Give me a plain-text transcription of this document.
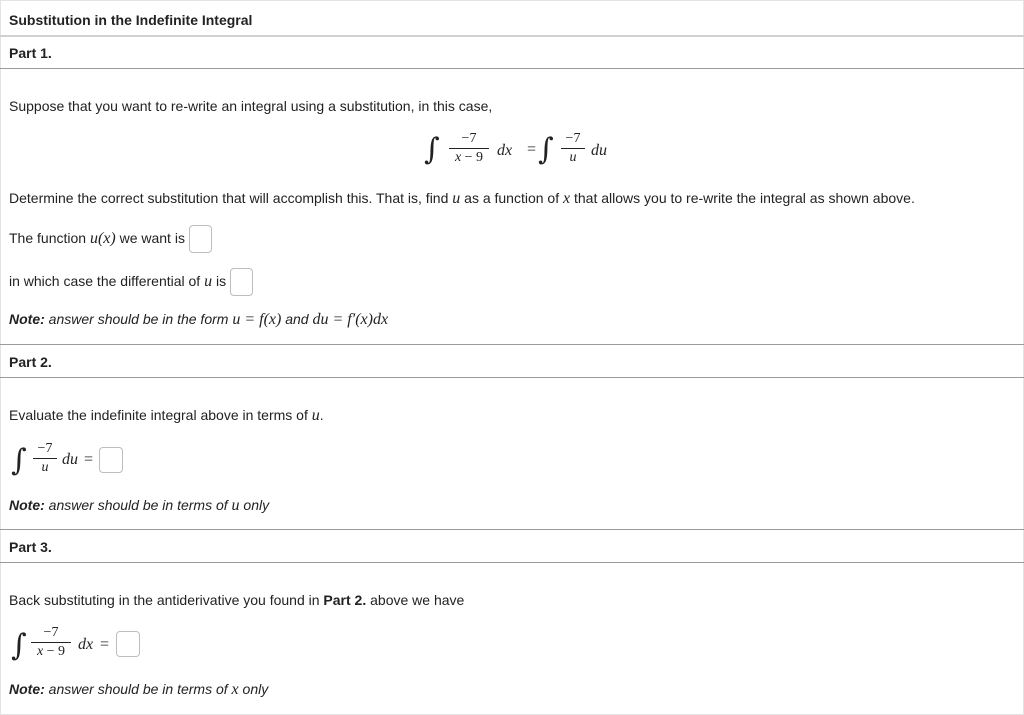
Substitution in the Indefinite Integral
Part 1.
Suppose that you want to re-write an integral using a substitution, in this case,
∫ $\frac{-7}{x - 9}$ dx = ∫ $\frac{-7}{u}$ du
Determine the correct substitution that will accomplish this. That is, find u as a function of x that allows you to re-write the integral as shown above.
The function u(x) we want is
in which case the differential of u is
Note: answer should be in the form u = f(x) and du = f′(x)dx
Part 2.
Evaluate the indefinite integral above in terms of u.
∫ $\frac{-7}{u}$ du =
Note: answer should be in terms of u only
Part 3.
Back substituting in the antiderivative you found in Part 2. above we have
∫ $\frac{-7}{x - 9}$ dx =
Note: answer should be in terms of x only
